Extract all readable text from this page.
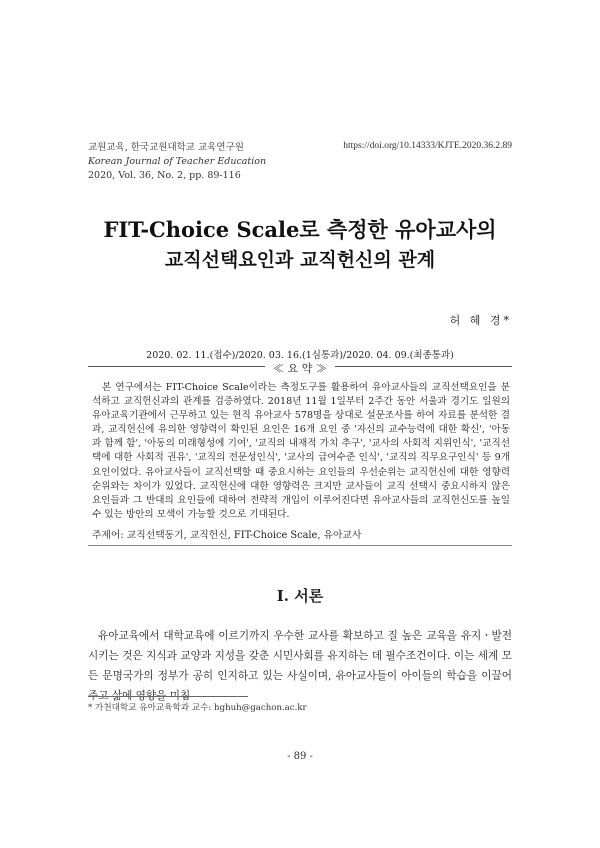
교원교육, 한국교원대학교 교육연구원
Korean Journal of Teacher Education
2020, Vol. 36, No. 2, pp. 89-116
https://doi.org/10.14333/KJTE.2020.36.2.89
FIT-Choice Scale로 측정한 유아교사의
교직선택요인과 교직헌신의 관계
허 혜 경*
2020. 02. 11.(접수)/2020. 03. 16.(1심통과)/2020. 04. 09.(최종통과)
≪ 요 약 ≫
본 연구에서는 FIT-Choice Scale이라는 측정도구를 활용하여 유아교사들의 교직선택요인을 분석하고 교직헌신과의 관계를 검증하였다. 2018년 11월 1일부터 2주간 동안 서울과 경기도 일원의 유아교육기관에서 근무하고 있는 현직 유아교사 578명을 상대로 설문조사를 하여 자료를 분석한 결과, 교직헌신에 유의한 영향력이 확인된 요인은 16개 요인 중 '자신의 교수능력에 대한 확신', '아동과 함께 함', '아동의 미래형성에 기여', '교직의 내재적 가치 추구', '교사의 사회적 지위인식', '교직선택에 대한 사회적 권유', '교직의 전문성인식', '교사의 급여수준 인식', '교직의 직무요구인식' 등 9개 요인이었다. 유아교사들이 교직선택할 때 중요시하는 요인들의 우선순위는 교직헌신에 대한 영향력 순위와는 차이가 있었다. 교직헌신에 대한 영향력은 크지만 교사들이 교직 선택시 중요시하지 않은 요인들과 그 반대의 요인들에 대하여 전략적 개입이 이루어진다면 유아교사들의 교직헌신도를 높일 수 있는 방안의 모색이 가능할 것으로 기대된다.
주제어: 교직선택동기, 교직헌신, FIT-Choice Scale, 유아교사
Ⅰ. 서론
유아교육에서 대학교육에 이르기까지 우수한 교사를 확보하고 질 높은 교육을 유지ㆍ발전시키는 것은 지식과 교양과 지성을 갖춘 시민사회를 유지하는 데 필수조건이다. 이는 세계 모든 문명국가의 정부가 공히 인지하고 있는 사실이며, 유아교사들이 아이들의 학습을 이끌어 주고 삶에 영향을 미침
* 가천대학교 유아교육학과 교수: hghuh@gachon.ac.kr
- 89 -
